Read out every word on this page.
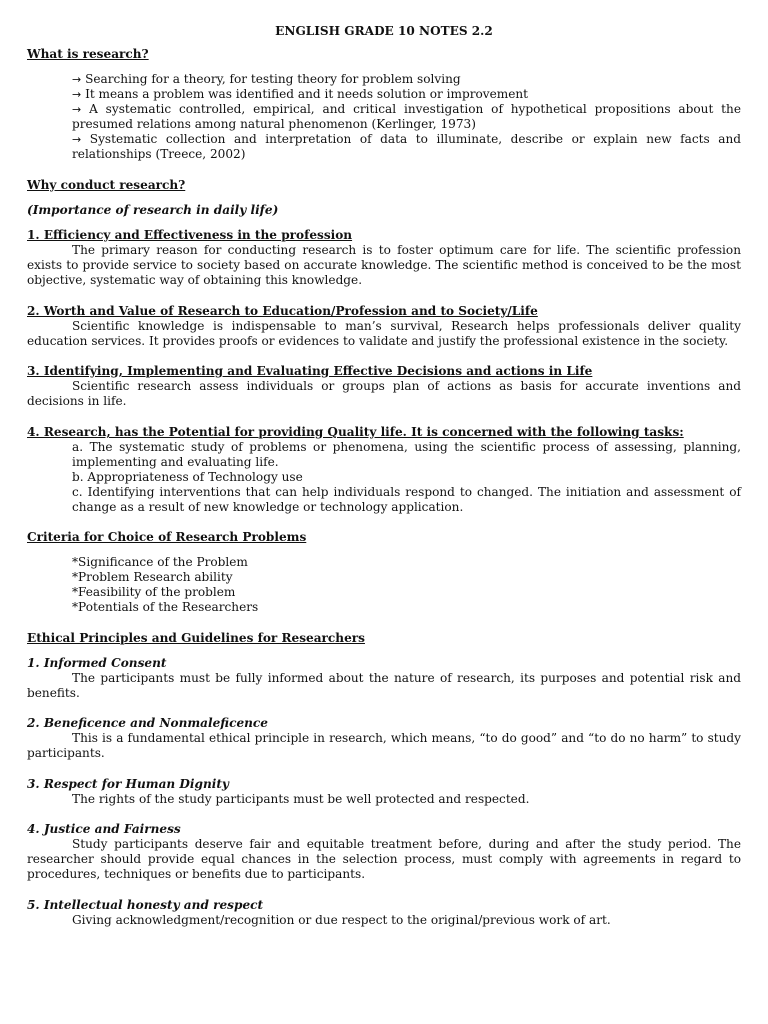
ENGLISH GRADE 10 NOTES 2.2
What is research?
→ Searching for a theory, for testing theory for problem solving
→ It means a problem was identified and it needs solution or improvement
→ A systematic controlled, empirical, and critical investigation of hypothetical propositions about the presumed relations among natural phenomenon (Kerlinger, 1973)
→ Systematic collection and interpretation of data to illuminate, describe or explain new facts and relationships (Treece, 2002)
Why conduct research?
(Importance of research in daily life)
1. Efficiency and Effectiveness in the profession
The primary reason for conducting research is to foster optimum care for life. The scientific profession exists to provide service to society based on accurate knowledge. The scientific method is conceived to be the most objective, systematic way of obtaining this knowledge.
2. Worth and Value of Research to Education/Profession and to Society/Life
Scientific knowledge is indispensable to man’s survival, Research helps professionals deliver quality education services. It provides proofs or evidences to validate and justify the professional existence in the society.
3. Identifying, Implementing and Evaluating Effective Decisions and actions in Life
Scientific research assess individuals or groups plan of actions as basis for accurate inventions and decisions in life.
4. Research, has the Potential for providing Quality life. It is concerned with the following tasks:
a. The systematic study of problems or phenomena, using the scientific process of assessing, planning, implementing and evaluating life.
b. Appropriateness of Technology use
c. Identifying interventions that can help individuals respond to changed. The initiation and assessment of change as a result of new knowledge or technology application.
Criteria for Choice of Research Problems
*Significance of the Problem
*Problem Research ability
*Feasibility of the problem
*Potentials of the Researchers
Ethical Principles and Guidelines for Researchers
1. Informed Consent
The participants must be fully informed about the nature of research, its purposes and potential risk and benefits.
2. Beneficence and Nonmaleficence
This is a fundamental ethical principle in research, which means, “to do good” and “to do no harm” to study participants.
3. Respect for Human Dignity
The rights of the study participants must be well protected and respected.
4. Justice and Fairness
Study participants deserve fair and equitable treatment before, during and after the study period. The researcher should provide equal chances in the selection process, must comply with agreements in regard to procedures, techniques or benefits due to participants.
5. Intellectual honesty and respect
Giving acknowledgment/recognition or due respect to the original/previous work of art.
